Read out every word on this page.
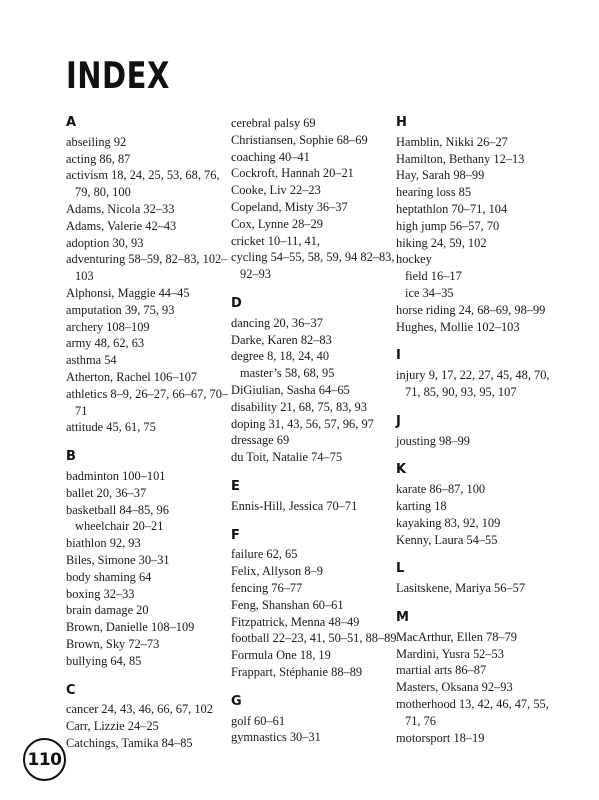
INDEX
A
abseiling 92
acting 86, 87
activism 18, 24, 25, 53, 68, 76, 79, 80, 100
Adams, Nicola 32–33
Adams, Valerie 42–43
adoption 30, 93
adventuring 58–59, 82–83, 102–103
Alphonsi, Maggie 44–45
amputation 39, 75, 93
archery 108–109
army 48, 62, 63
asthma 54
Atherton, Rachel 106–107
athletics 8–9, 26–27, 66–67, 70–71
attitude 45, 61, 75
B
badminton 100–101
ballet 20, 36–37
basketball 84–85, 96
wheelchair 20–21
biathlon 92, 93
Biles, Simone 30–31
body shaming 64
boxing 32–33
brain damage 20
Brown, Danielle 108–109
Brown, Sky 72–73
bullying 64, 85
C
cancer 24, 43, 46, 66, 67, 102
Carr, Lizzie 24–25
Catchings, Tamika 84–85
cerebral palsy 69
Christiansen, Sophie 68–69
coaching 40–41
Cockroft, Hannah 20–21
Cooke, Liv 22–23
Copeland, Misty 36–37
Cox, Lynne 28–29
cricket 10–11, 41,
cycling 54–55, 58, 59, 94 82–83, 92–93
D
dancing 20, 36–37
Darke, Karen 82–83
degree 8, 18, 24, 40
master’s 58, 68, 95
DiGiulian, Sasha 64–65
disability 21, 68, 75, 83, 93
doping 31, 43, 56, 57, 96, 97
dressage 69
du Toit, Natalie 74–75
E
Ennis-Hill, Jessica 70–71
F
failure 62, 65
Felix, Allyson 8–9
fencing 76–77
Feng, Shanshan 60–61
Fitzpatrick, Menna 48–49
football 22–23, 41, 50–51, 88–89
Formula One 18, 19
Frappart, Stéphanie 88–89
G
golf 60–61
gymnastics 30–31
H
Hamblin, Nikki 26–27
Hamilton, Bethany 12–13
Hay, Sarah 98–99
hearing loss 85
heptathlon 70–71, 104
high jump 56–57, 70
hiking 24, 59, 102
hockey
field 16–17
ice 34–35
horse riding 24, 68–69, 98–99
Hughes, Mollie 102–103
I
injury 9, 17, 22, 27, 45, 48, 70, 71, 85, 90, 93, 95, 107
J
jousting 98–99
K
karate 86–87, 100
karting 18
kayaking 83, 92, 109
Kenny, Laura 54–55
L
Lasitskene, Mariya 56–57
M
MacArthur, Ellen 78–79
Mardini, Yusra 52–53
martial arts 86–87
Masters, Oksana 92–93
motherhood 13, 42, 46, 47, 55, 71, 76
motorsport 18–19
110
